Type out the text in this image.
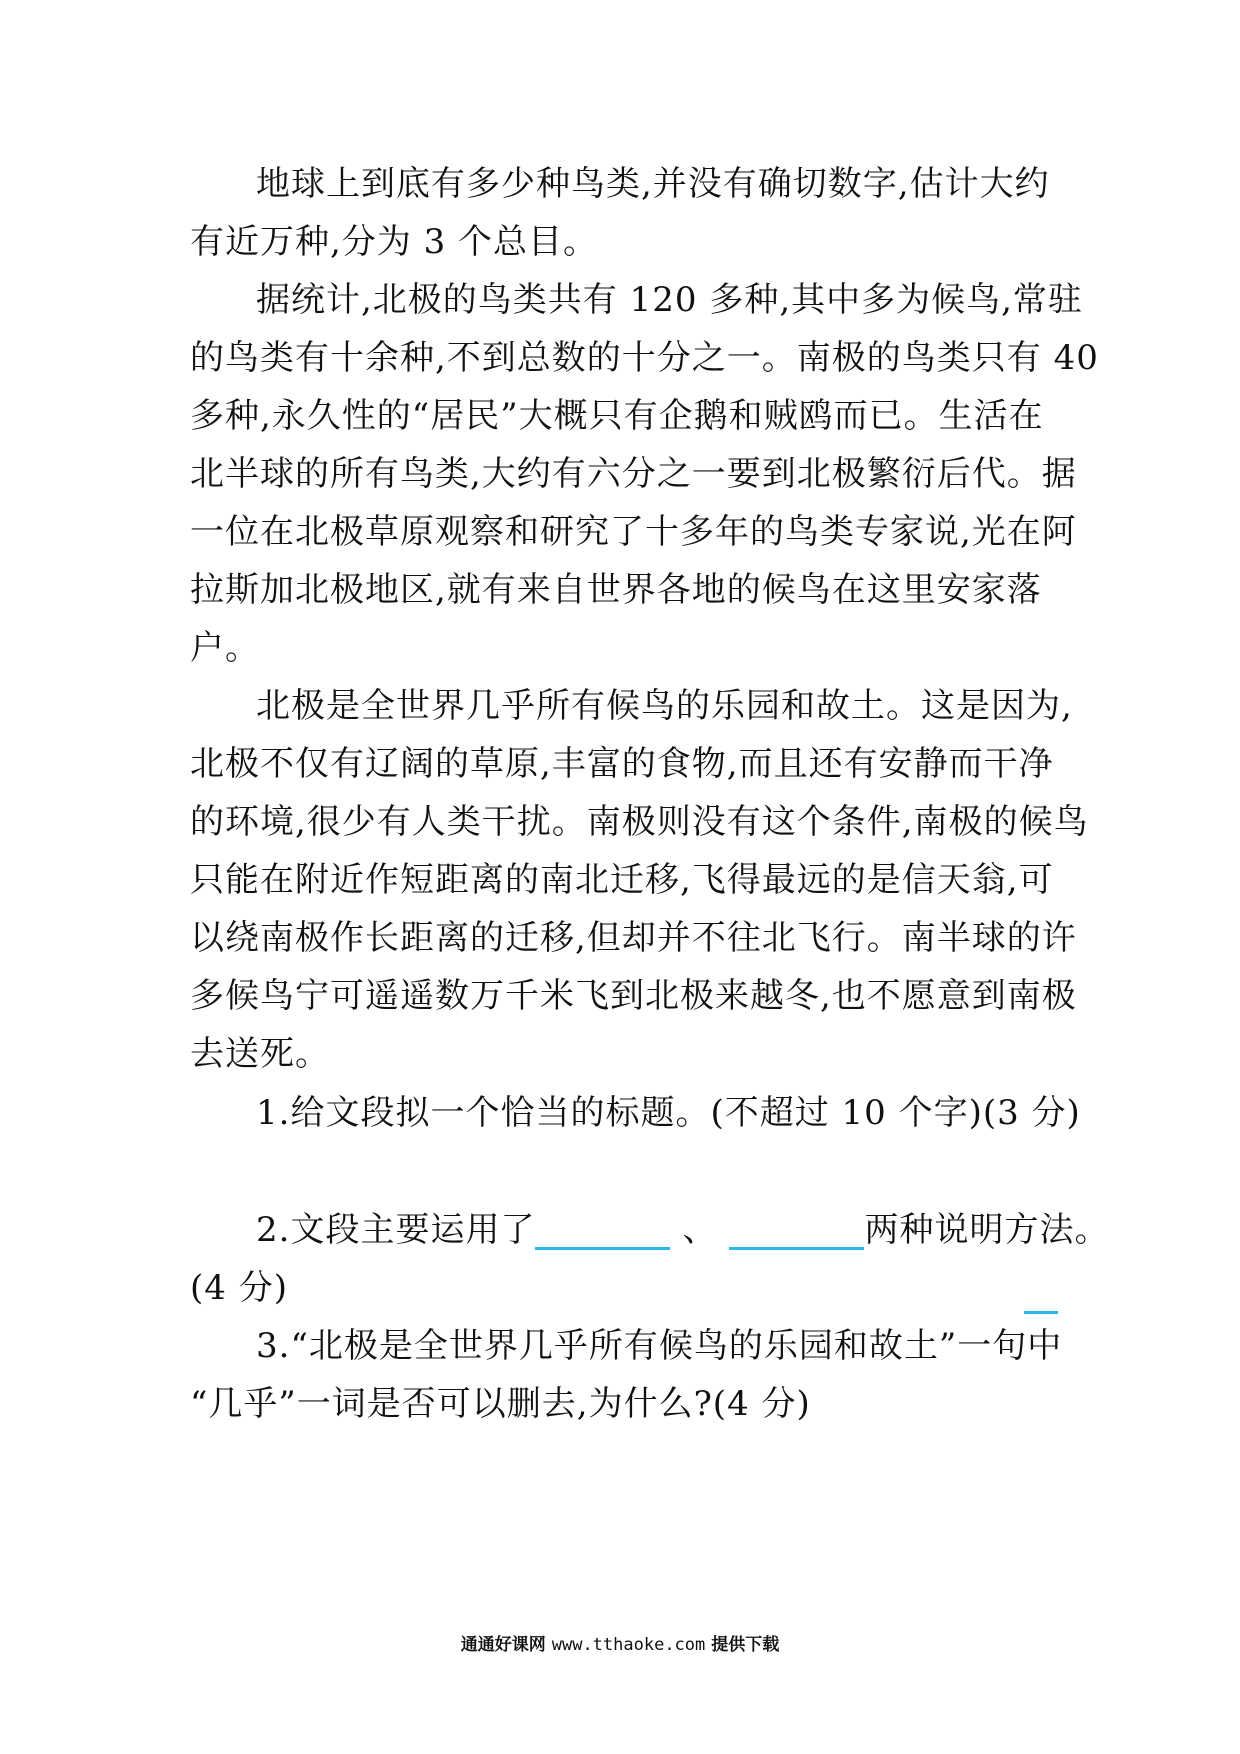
地球上到底有多少种鸟类,并没有确切数字,估计大约

有近万种,分为 3 个总目。

据统计,北极的鸟类共有 120 多种,其中多为候鸟,常驻

的鸟类有十余种,不到总数的十分之一。南极的鸟类只有 40

多种,永久性的“居民”大概只有企鹅和贼鸥而已。生活在

北半球的所有鸟类,大约有六分之一要到北极繁衍后代。据

一位在北极草原观察和研究了十多年的鸟类专家说,光在阿

拉斯加北极地区,就有来自世界各地的候鸟在这里安家落

户。

北极是全世界几乎所有候鸟的乐园和故土。这是因为,

北极不仅有辽阔的草原,丰富的食物,而且还有安静而干净

的环境,很少有人类干扰。南极则没有这个条件,南极的候鸟

只能在附近作短距离的南北迁移,飞得最远的是信天翁,可

以绕南极作长距离的迁移,但却并不往北飞行。南半球的许

多候鸟宁可遥遥数万千米飞到北极来越冬,也不愿意到南极

去送死。

1.给文段拟一个恰当的标题。(不超过 10 个字)(3 分)

2.文段主要运用了	、	两种说明方法。

(4 分)

3.“北极是全世界几乎所有候鸟的乐园和故土”一句中

“几乎”一词是否可以删去,为什么?(4 分)

通通好课网 www.tthaoke.com 提供下载
